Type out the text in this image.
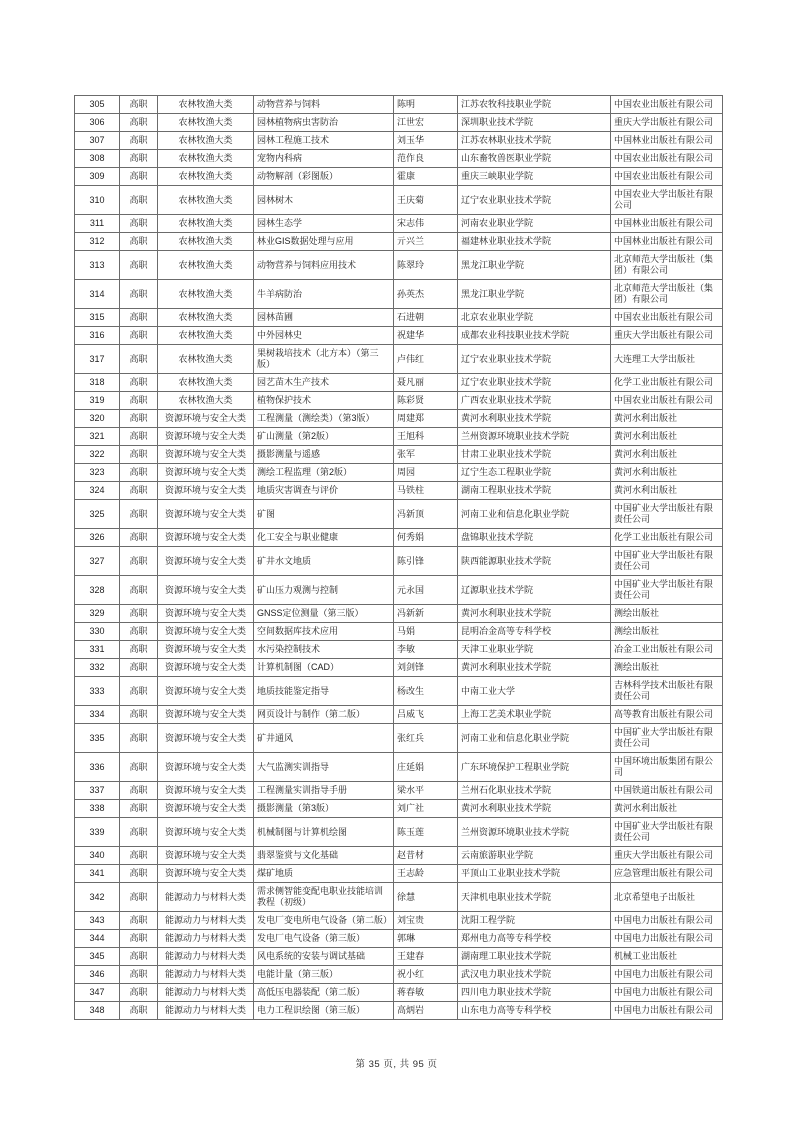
305	高职	农林牧渔大类	动物营养与饲料	陈明	江苏农牧科技职业学院	中国农业出版社有限公司
306	高职	农林牧渔大类	园林植物病虫害防治	江世宏	深圳职业技术学院	重庆大学出版社有限公司
307	高职	农林牧渔大类	园林工程施工技术	刘玉华	江苏农林职业技术学院	中国林业出版社有限公司
308	高职	农林牧渔大类	宠物内科病	范作良	山东畜牧兽医职业学院	中国农业出版社有限公司
309	高职	农林牧渔大类	动物解剖（彩图版）	霍康	重庆三峡职业学院	中国农业出版社有限公司
310	高职	农林牧渔大类	园林树木	王庆菊	辽宁农业职业技术学院	中国农业大学出版社有限公司
311	高职	农林牧渔大类	园林生态学	宋志伟	河南农业职业学院	中国林业出版社有限公司
312	高职	农林牧渔大类	林业GIS数据处理与应用	亓兴兰	福建林业职业技术学院	中国林业出版社有限公司
313	高职	农林牧渔大类	动物营养与饲料应用技术	陈翠玲	黑龙江职业学院	北京师范大学出版社（集团）有限公司
314	高职	农林牧渔大类	牛羊病防治	孙英杰	黑龙江职业学院	北京师范大学出版社（集团）有限公司
315	高职	农林牧渔大类	园林苗圃	石进朝	北京农业职业学院	中国农业出版社有限公司
316	高职	农林牧渔大类	中外园林史	祝建华	成都农业科技职业技术学院	重庆大学出版社有限公司
317	高职	农林牧渔大类	果树栽培技术（北方本）（第三版）	卢伟红	辽宁农业职业技术学院	大连理工大学出版社
318	高职	农林牧渔大类	园艺苗木生产技术	聂凡丽	辽宁农业职业技术学院	化学工业出版社有限公司
319	高职	农林牧渔大类	植物保护技术	陈彩贤	广西农业职业技术学院	中国农业出版社有限公司
320	高职	资源环境与安全大类	工程测量（测绘类）（第3版）	周建郑	黄河水利职业技术学院	黄河水利出版社
321	高职	资源环境与安全大类	矿山测量（第2版）	王旭科	兰州资源环境职业技术学院	黄河水利出版社
322	高职	资源环境与安全大类	摄影测量与遥感	张军	甘肃工业职业技术学院	黄河水利出版社
323	高职	资源环境与安全大类	测绘工程监理（第2版）	周园	辽宁生态工程职业学院	黄河水利出版社
324	高职	资源环境与安全大类	地质灾害调查与评价	马铁柱	湖南工程职业技术学院	黄河水利出版社
325	高职	资源环境与安全大类	矿图	冯新顶	河南工业和信息化职业学院	中国矿业大学出版社有限责任公司
326	高职	资源环境与安全大类	化工安全与职业健康	何秀娟	盘锦职业技术学院	化学工业出版社有限公司
327	高职	资源环境与安全大类	矿井水文地质	陈引锋	陕西能源职业技术学院	中国矿业大学出版社有限责任公司
328	高职	资源环境与安全大类	矿山压力观测与控制	元永国	辽源职业技术学院	中国矿业大学出版社有限责任公司
329	高职	资源环境与安全大类	GNSS定位测量（第三版）	冯新新	黄河水利职业技术学院	测绘出版社
330	高职	资源环境与安全大类	空间数据库技术应用	马娟	昆明冶金高等专科学校	测绘出版社
331	高职	资源环境与安全大类	水污染控制技术	李敏	天津工业职业学院	冶金工业出版社有限公司
332	高职	资源环境与安全大类	计算机制图（CAD）	刘剑锋	黄河水利职业技术学院	测绘出版社
333	高职	资源环境与安全大类	地质技能鉴定指导	杨改生	中南工业大学	吉林科学技术出版社有限责任公司
334	高职	资源环境与安全大类	网页设计与制作（第二版）	吕威飞	上海工艺美术职业学院	高等教育出版社有限公司
335	高职	资源环境与安全大类	矿井通风	张红兵	河南工业和信息化职业学院	中国矿业大学出版社有限责任公司
336	高职	资源环境与安全大类	大气监测实训指导	庄延娟	广东环境保护工程职业学院	中国环境出版集团有限公司
337	高职	资源环境与安全大类	工程测量实训指导手册	梁水平	兰州石化职业技术学院	中国铁道出版社有限公司
338	高职	资源环境与安全大类	摄影测量（第3版）	刘广社	黄河水利职业技术学院	黄河水利出版社
339	高职	资源环境与安全大类	机械制图与计算机绘图	陈玉莲	兰州资源环境职业技术学院	中国矿业大学出版社有限责任公司
340	高职	资源环境与安全大类	翡翠鉴赏与文化基础	赵昔材	云南旅游职业学院	重庆大学出版社有限公司
341	高职	资源环境与安全大类	煤矿地质	王志龄	平顶山工业职业技术学院	应急管理出版社有限公司
342	高职	能源动力与材料大类	需求侧智能变配电职业技能培训教程（初级）	徐慧	天津机电职业技术学院	北京希望电子出版社
343	高职	能源动力与材料大类	发电厂变电所电气设备（第二版）	刘宝贵	沈阳工程学院	中国电力出版社有限公司
344	高职	能源动力与材料大类	发电厂电气设备（第三版）	郭琳	郑州电力高等专科学校	中国电力出版社有限公司
345	高职	能源动力与材料大类	风电系统的安装与调试基础	王建春	湖南理工职业技术学院	机械工业出版社
346	高职	能源动力与材料大类	电能计量（第三版）	祝小红	武汉电力职业技术学院	中国电力出版社有限公司
347	高职	能源动力与材料大类	高低压电器装配（第二版）	蒋春敏	四川电力职业技术学院	中国电力出版社有限公司
348	高职	能源动力与材料大类	电力工程识绘图（第三版）	高炳岩	山东电力高等专科学校	中国电力出版社有限公司
第 35 页, 共 95 页
